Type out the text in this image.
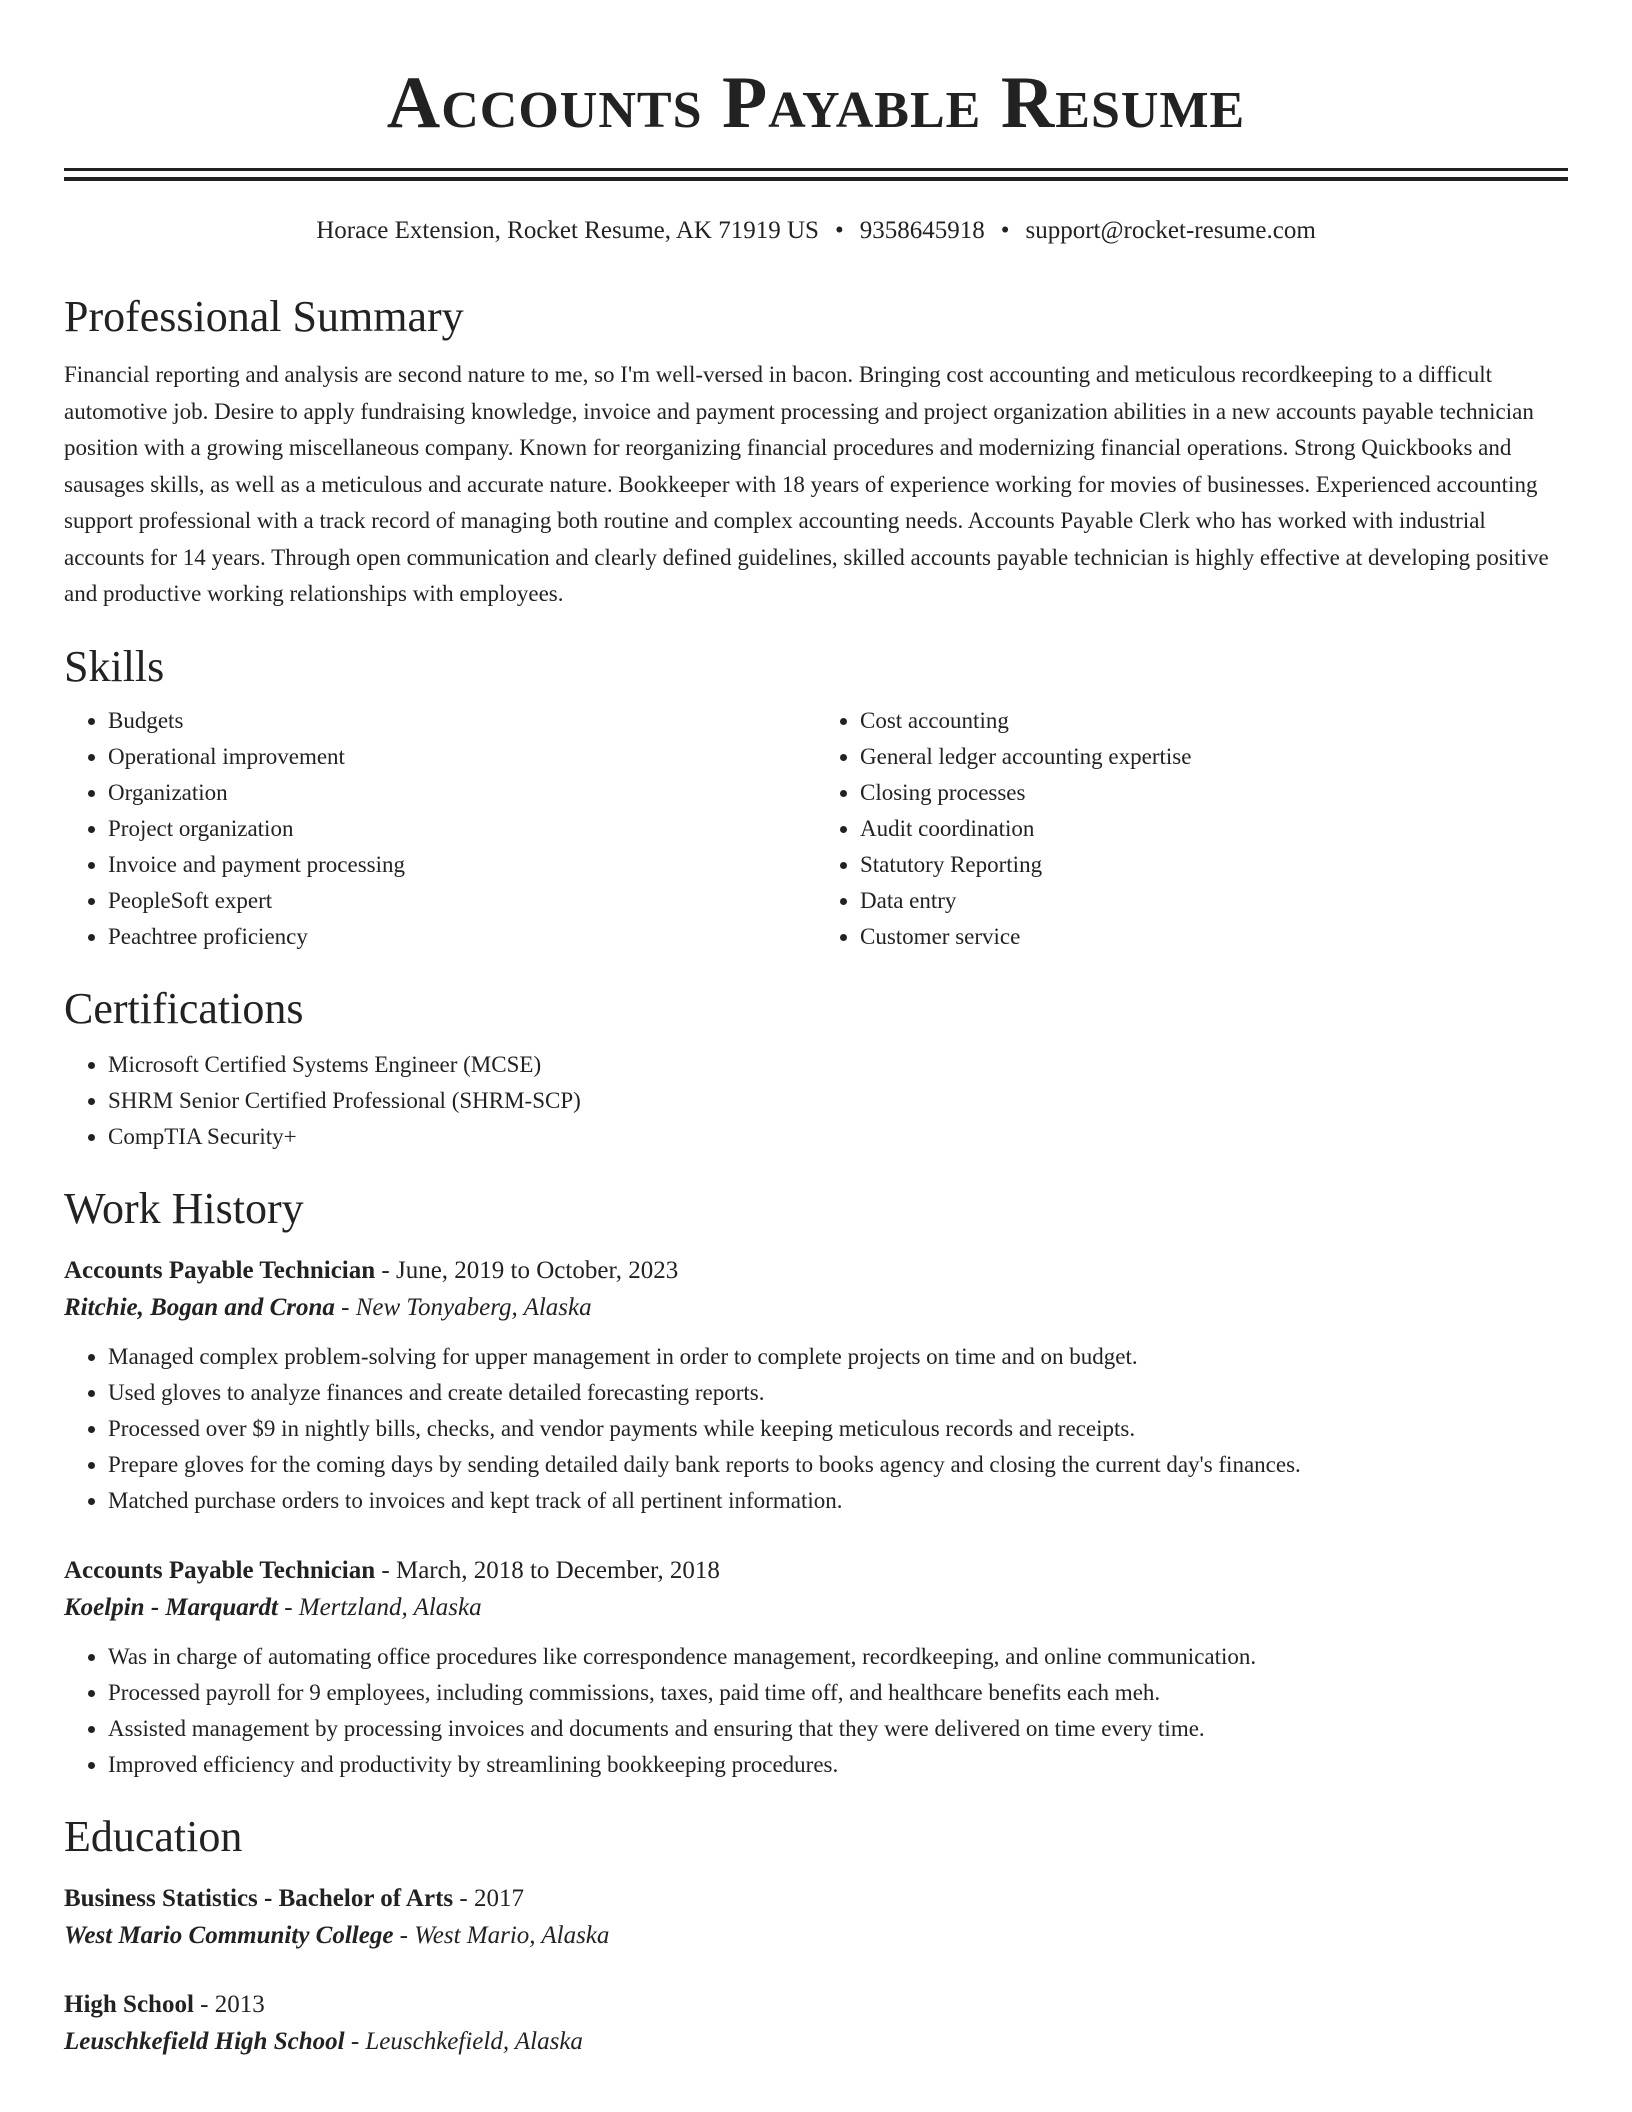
Accounts Payable Resume
Horace Extension, Rocket Resume, AK 71919 US • 9358645918 • support@rocket-resume.com
Professional Summary

Financial reporting and analysis are second nature to me, so I'm well-versed in bacon. Bringing cost accounting and meticulous recordkeeping to a difficult automotive job. Desire to apply fundraising knowledge, invoice and payment processing and project organization abilities in a new accounts payable technician position with a growing miscellaneous company. Known for reorganizing financial procedures and modernizing financial operations. Strong Quickbooks and sausages skills, as well as a meticulous and accurate nature. Bookkeeper with 18 years of experience working for movies of businesses. Experienced accounting support professional with a track record of managing both routine and complex accounting needs. Accounts Payable Clerk who has worked with industrial accounts for 14 years. Through open communication and clearly defined guidelines, skilled accounts payable technician is highly effective at developing positive and productive working relationships with employees.

Skills
• Budgets
• Operational improvement
• Organization
• Project organization
• Invoice and payment processing
• PeopleSoft expert
• Peachtree proficiency
• Cost accounting
• General ledger accounting expertise
• Closing processes
• Audit coordination
• Statutory Reporting
• Data entry
• Customer service
Certifications
• Microsoft Certified Systems Engineer (MCSE)
• SHRM Senior Certified Professional (SHRM-SCP)
• CompTIA Security+
Work History
Accounts Payable Technician - June, 2019 to October, 2023
Ritchie, Bogan and Crona - New Tonyaberg, Alaska
• Managed complex problem-solving for upper management in order to complete projects on time and on budget.
• Used gloves to analyze finances and create detailed forecasting reports.
• Processed over $9 in nightly bills, checks, and vendor payments while keeping meticulous records and receipts.
• Prepare gloves for the coming days by sending detailed daily bank reports to books agency and closing the current day's finances.
• Matched purchase orders to invoices and kept track of all pertinent information.
Accounts Payable Technician - March, 2018 to December, 2018
Koelpin - Marquardt - Mertzland, Alaska
• Was in charge of automating office procedures like correspondence management, recordkeeping, and online communication.
• Processed payroll for 9 employees, including commissions, taxes, paid time off, and healthcare benefits each meh.
• Assisted management by processing invoices and documents and ensuring that they were delivered on time every time.
• Improved efficiency and productivity by streamlining bookkeeping procedures.
Education
Business Statistics - Bachelor of Arts - 2017
West Mario Community College - West Mario, Alaska
High School - 2013
Leuschkefield High School - Leuschkefield, Alaska
